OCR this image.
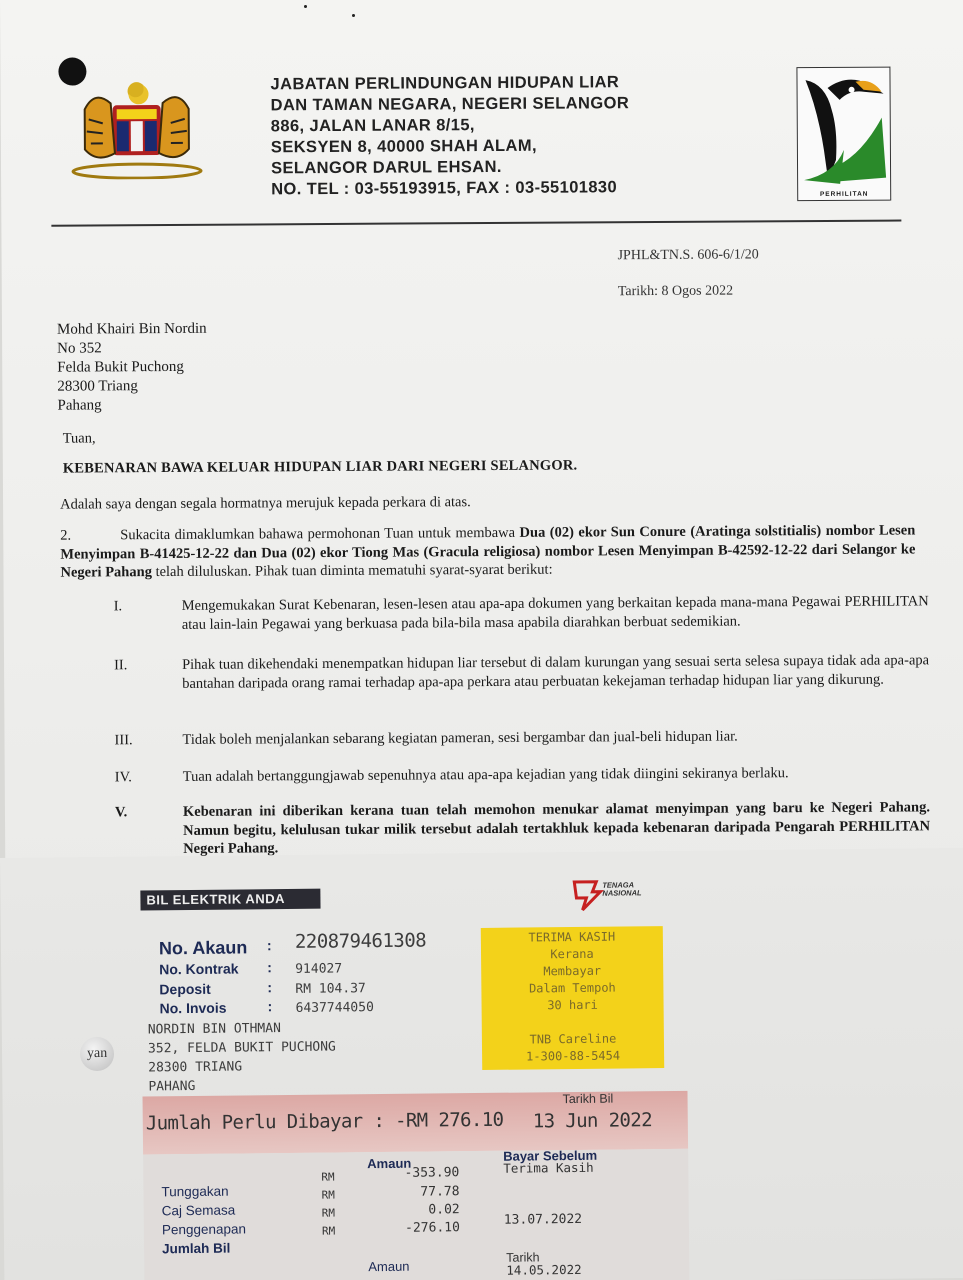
JABATAN PERLINDUNGAN HIDUPAN LIAR
DAN TAMAN NEGARA, NEGERI SELANGOR
886, JALAN LANAR 8/15,
SEKSYEN 8, 40000 SHAH ALAM,
SELANGOR DARUL EHSAN.
NO. TEL : 03-55193915, FAX : 03-55101830	PERHILITAN
JPHL&TN.S. 606-6/1/20
Tarikh: 8 Ogos 2022
Mohd Khairi Bin Nordin
No 352
Felda Bukit Puchong
28300 Triang
Pahang
Tuan,
KEBENARAN BAWA KELUAR HIDUPAN LIAR DARI NEGERI SELANGOR.
Adalah saya dengan segala hormatnya merujuk kepada perkara di atas.
2.	Sukacita dimaklumkan bahawa permohonan Tuan untuk membawa Dua (02) ekor Sun Conure (Aratinga solstitialis) nombor Lesen Menyimpan B-41425-12-22 dan Dua (02) ekor Tiong Mas (Gracula religiosa) nombor Lesen Menyimpan B-42592-12-22 dari Selangor ke Negeri Pahang telah diluluskan. Pihak tuan diminta mematuhi syarat-syarat berikut:
I.	Mengemukakan Surat Kebenaran, lesen-lesen atau apa-apa dokumen yang berkaitan kepada mana-mana Pegawai PERHILITAN atau lain-lain Pegawai yang berkuasa pada bila-bila masa apabila diarahkan berbuat sedemikian.
II.	Pihak tuan dikehendaki menempatkan hidupan liar tersebut di dalam kurungan yang sesuai serta selesa supaya tidak ada apa-apa bantahan daripada orang ramai terhadap apa-apa perkara atau perbuatan kekejaman terhadap hidupan liar yang dikurung.
III.	Tidak boleh menjalankan sebarang kegiatan pameran, sesi bergambar dan jual-beli hidupan liar.
IV.	Tuan adalah bertanggungjawab sepenuhnya atau apa-apa kejadian yang tidak diingini sekiranya berlaku.
V.	Kebenaran ini diberikan kerana tuan telah memohon menukar alamat menyimpan yang baru ke Negeri Pahang. Namun begitu, kelulusan tukar milik tersebut adalah tertakhluk kepada kebenaran daripada Pengarah PERHILITAN Negeri Pahang.
BIL ELEKTRIK ANDA
TENAGA
NASIONAL
No. Akaun : 220879461308
No. Kontrak : 914027
Deposit	: RM 104.37
No. Invois	: 6437744050
NORDIN BIN OTHMAN
352, FELDA BUKIT PUCHONG
28300 TRIANG
PAHANG
yan
TERIMA KASIH
Kerana
Membayar
Dalam Tempoh
30 hari
TNB Careline
1-300-88-5454
Jumlah Perlu Dibayar : -RM 276.10
Tarikh Bil
13 Jun 2022
Amaun	Bayar Sebelum
Terima Kasih
Tunggakan
RM	-353.90
Caj Semasa
RM	77.78
Penggenapan
RM	0.02
Jumlah Bil
RM	-276.10
13.07.2022
Amaun
Tarikh
14.05.2022
